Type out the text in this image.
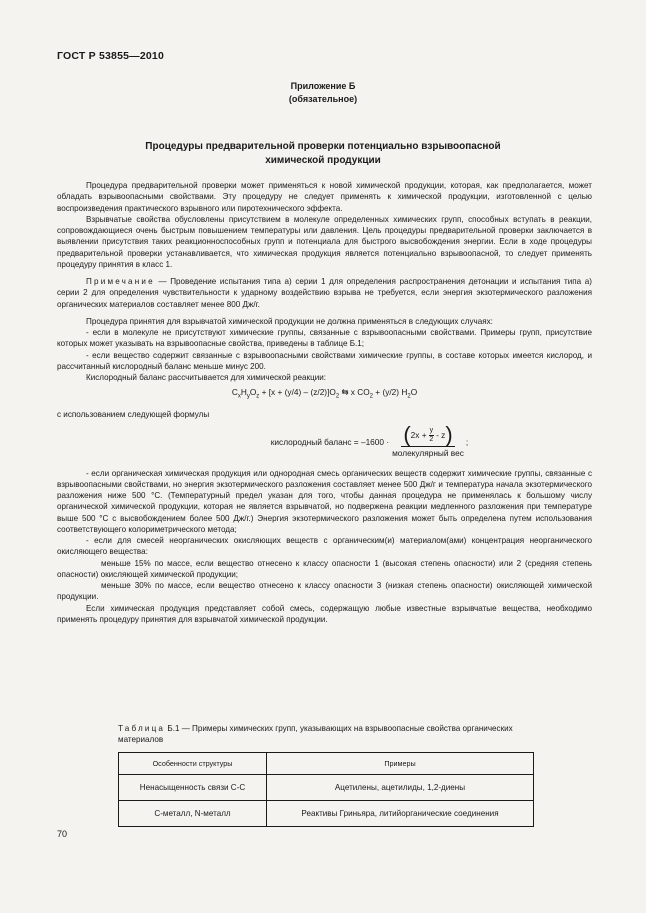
ГОСТ Р 53855—2010
Приложение Б
(обязательное)
Процедуры предварительной проверки потенциально взрывоопасной
химической продукции

Процедура предварительной проверки может применяться к новой химической продукции, которая, как предполагается, может обладать взрывоопасными свойствами. Эту процедуру не следует применять к химической продукции, изготовленной с целью воспроизведения практического взрывного или пиротехнического эффекта.

Взрывчатые свойства обусловлены присутствием в молекуле определенных химических групп, способных вступать в реакции, сопровождающиеся очень быстрым повышением температуры или давления. Цель процедуры предварительной проверки заключается в выявлении присутствия таких реакционноспособных групп и потенциала для быстрого высвобождения энергии. Если в ходе процедуры предварительной проверки устанавливается, что химическая продукция является потенциально взрывоопасной, то следует применять процедуру принятия в класс 1.

Примечание — Проведение испытания типа а) серии 1 для определения распространения детонации и испытания типа а) серии 2 для определения чувствительности к ударному воздействию взрыва не требуется, если энергия экзотермического разложения органических материалов составляет менее 800 Дж/г.

Процедура принятия для взрывчатой химической продукции не должна применяться в следующих случаях:

- если в молекуле не присутствуют химические группы, связанные с взрывоопасными свойствами. Примеры групп, присутствие которых может указывать на взрывоопасные свойства, приведены в таблице Б.1;

- если вещество содержит связанные с взрывоопасными свойствами химические группы, в составе которых имеется кислород, и рассчитанный кислородный баланс меньше минус 200.

Кислородный баланс рассчитывается для химической реакции:

$C_xH_yO_z + [x + (y/4) - (z/2)]O_2$ ⇆ x $CO_2 + (y/2)$ $H_2O$

с использованием следующей формулы

кислородный баланс = $-1600 \cdot \frac{( 2x + \frac{y}{2} - z )}{\text{молекулярный вес}}$ ;

- если органическая химическая продукция или однородная смесь органических веществ содержит химические группы, связанные с взрывоопасными свойствами, но энергия экзотермического разложения составляет менее 500 Дж/г и температура начала экзотермического разложения ниже 500 °С. (Температурный предел указан для того, чтобы данная процедура не применялась к большому числу органической химической продукции, которая не является взрывчатой, но подвержена реакции медленного разложения при температуре выше 500 °С с высвобождением более 500 Дж/г.) Энергия экзотермического разложения может быть определена путем использования соответствующего колориметрического метода;

- если для смесей неорганических окисляющих веществ с органическим(и) материалом(ами) концентрация неорганического окисляющего вещества:

меньше 15% по массе, если вещество отнесено к классу опасности 1 (высокая степень опасности) или 2 (средняя степень опасности) окисляющей химической продукции;

меньше 30% по массе, если вещество отнесено к классу опасности 3 (низкая степень опасности) окисляющей химической продукции.

Если химическая продукция представляет собой смесь, содержащую любые известные взрывчатые вещества, необходимо применять процедуру принятия для взрывчатой химической продукции.

Таблица Б.1 — Примеры химических групп, указывающих на взрывоопасные свойства органических материалов
Особенности структуры	Примеры
Ненасыщенность связи С-С	Ацетилены, ацетилиды, 1,2-диены
С-металл, N-металл	Реактивы Гриньяра, литийорганические соединения
70
